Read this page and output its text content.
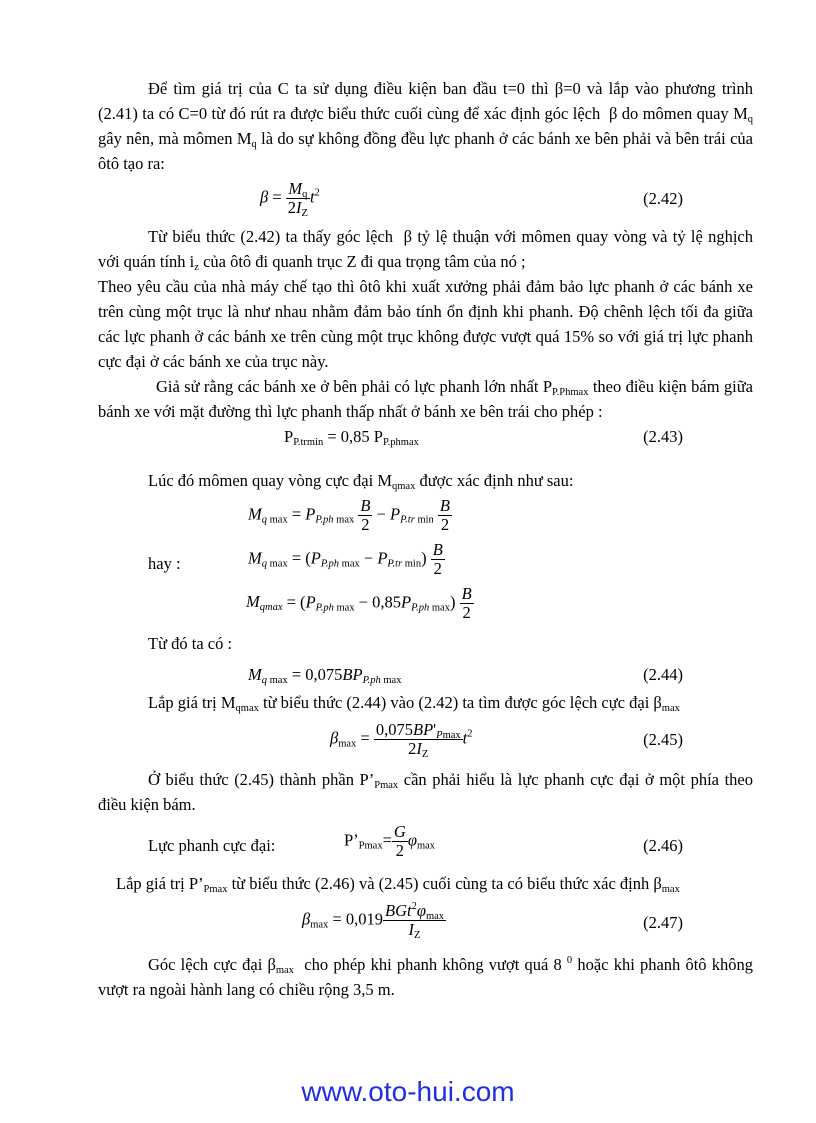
Để tìm giá trị của C ta sử dụng điều kiện ban đầu t=0 thì β=0 và lắp vào phương trình (2.41) ta có C=0 từ đó rút ra được biểu thức cuối cùng để xác định góc lệch  β do mômen quay $M_q$ gây nên, mà mômen $M_q$ là do sự không đồng đều lực phanh ở các bánh xe bên phải và bên trái của ôtô tạo ra:

$\beta = \frac{M_q}{2I_Z} t^2$	(2.42)

Từ biểu thức (2.42) ta thấy góc lệch  β tỷ lệ thuận với mômen quay vòng và tỷ lệ nghịch với quán tính $i_z$ của ôtô đi quanh trục Z đi qua trọng tâm của nó ;

Theo yêu cầu của nhà máy chế tạo thì ôtô khi xuất xưởng phải đảm bảo lực phanh ở các bánh xe trên cùng một trục là như nhau nhằm đảm bảo tính ổn định khi phanh. Độ chênh lệch tối đa giữa các lực phanh ở các bánh xe trên cùng một trục không được vượt quá 15% so với giá trị lực phanh cực đại ở các bánh xe của trục này.

Giả sử rằng các bánh xe ở bên phải có lực phanh lớn nhất $P_{P.Phmax}$ theo điều kiện bám giữa bánh xe với mặt đường thì lực phanh thấp nhất ở bánh xe bên trái cho phép :

$P_{P.trmin} = 0,85$ $P_{P.phmax}$	(2.43)

Lúc đó mômen quay vòng cực đại $M_{qmax}$ được xác định như sau:

$M_{q max} = P_{P.ph max} \frac{B}{2} - P_{P.tr min} \frac{B}{2}$
hay :	$M_{q max} = (P_{P.ph max} - P_{P.tr min}) \frac{B}{2}$
$M_{qmax} = (P_{P.ph max} - 0,85P_{P.ph max}) \frac{B}{2}$

Từ đó ta có :

$M_{q max} = 0,075BP_{P.ph max}$	(2.44)

Lắp giá trị $M_{qmax}$ từ biểu thức (2.44) vào (2.42) ta tìm được góc lệch cực đại $\beta_{max}$

$\beta_{max} = \frac{0,075BP'_{Pmax}}{2I_Z} t^2$	(2.45)

Ở biểu thức (2.45) thành phần $P’_{Pmax}$ cần phải hiểu là lực phanh cực đại ở một phía theo điều kiện bám.

Lực phanh cực đại:	$P’_{Pmax}= \frac{G}{2} \varphi_{max}$	(2.46)

Lắp giá trị $P’_{Pmax}$ từ biểu thức (2.46) và (2.45) cuối cùng ta có biểu thức xác định $\beta_{max}$

$\beta_{max} = 0,019 \frac{BGt^2\varphi_{max}}{I_Z}$	(2.47)

Góc lệch cực đại $\beta_{max}$  cho phép khi phanh không vượt quá 8 $^0$ hoặc khi phanh ôtô không vượt ra ngoài hành lang có chiều rộng 3,5 m.

www.oto-hui.com
